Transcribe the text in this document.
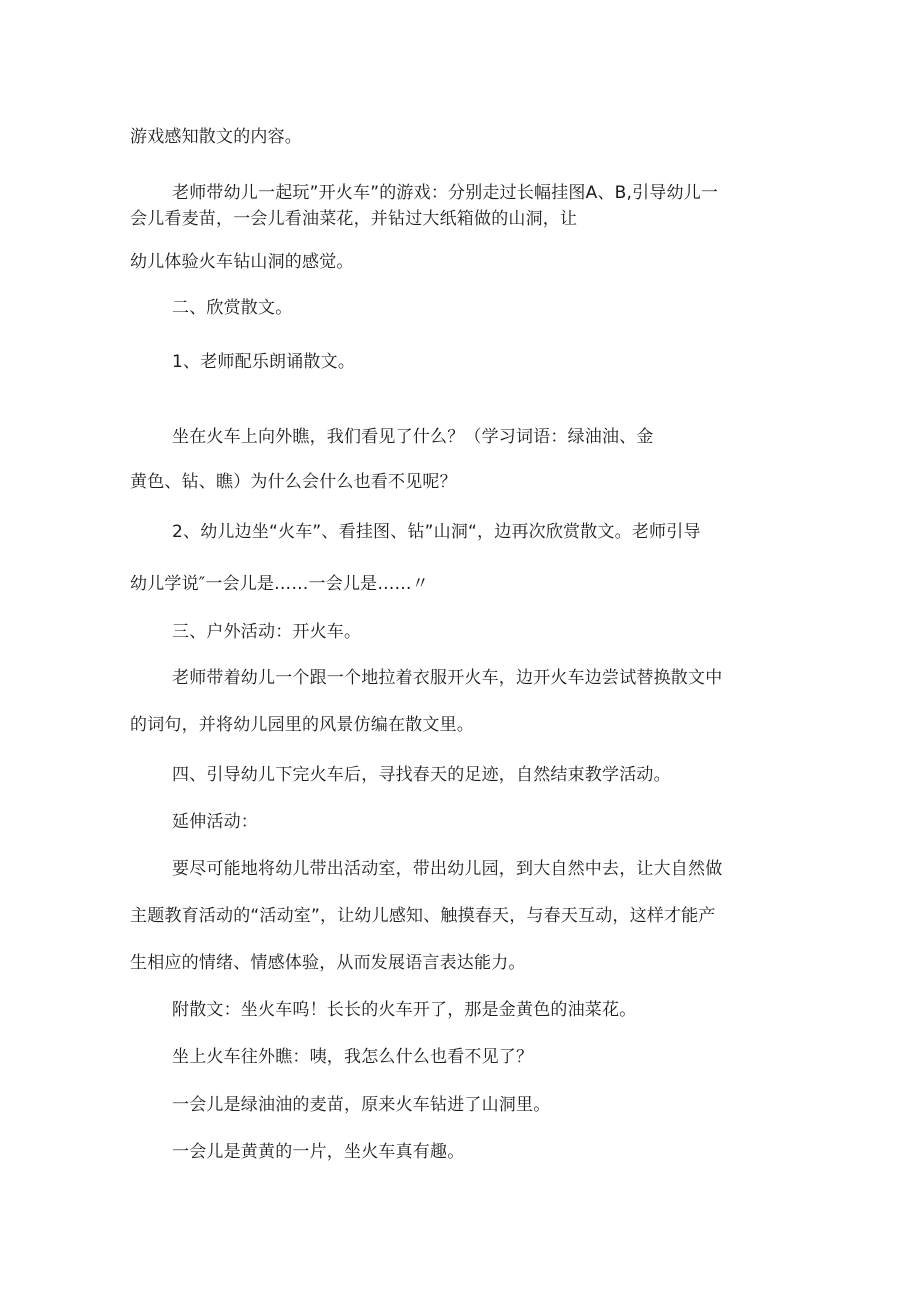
游戏感知散文的内容。
老师带幼儿一起玩”开火车”的游戏：分别走过长幅挂图A、B,引导幼儿一
会儿看麦苗，一会儿看油菜花，并钻过大纸箱做的山洞，让
幼儿体验火车钻山洞的感觉。
二、欣赏散文。
1、老师配乐朗诵散文。
坐在火车上向外瞧，我们看见了什么？（学习词语：绿油油、金
黄色、钻、瞧）为什么会什么也看不见呢？
2、幼儿边坐“火车”、看挂图、钻”山洞“，边再次欣赏散文。老师引导
幼儿学说″一会儿是……一会儿是……〃
三、户外活动：开火车。
老师带着幼儿一个跟一个地拉着衣服开火车，边开火车边尝试替换散文中
的词句，并将幼儿园里的风景仿编在散文里。
四、引导幼儿下完火车后，寻找春天的足迹，自然结束教学活动。
延伸活动：
要尽可能地将幼儿带出活动室，带出幼儿园，到大自然中去，让大自然做
主题教育活动的“活动室”，让幼儿感知、触摸春天，与春天互动，这样才能产
生相应的情绪、情感体验，从而发展语言表达能力。
附散文：坐火车呜！长长的火车开了，那是金黄色的油菜花。
坐上火车往外瞧：咦，我怎么什么也看不见了？
一会儿是绿油油的麦苗，原来火车钻进了山洞里。
一会儿是黄黄的一片，坐火车真有趣。
